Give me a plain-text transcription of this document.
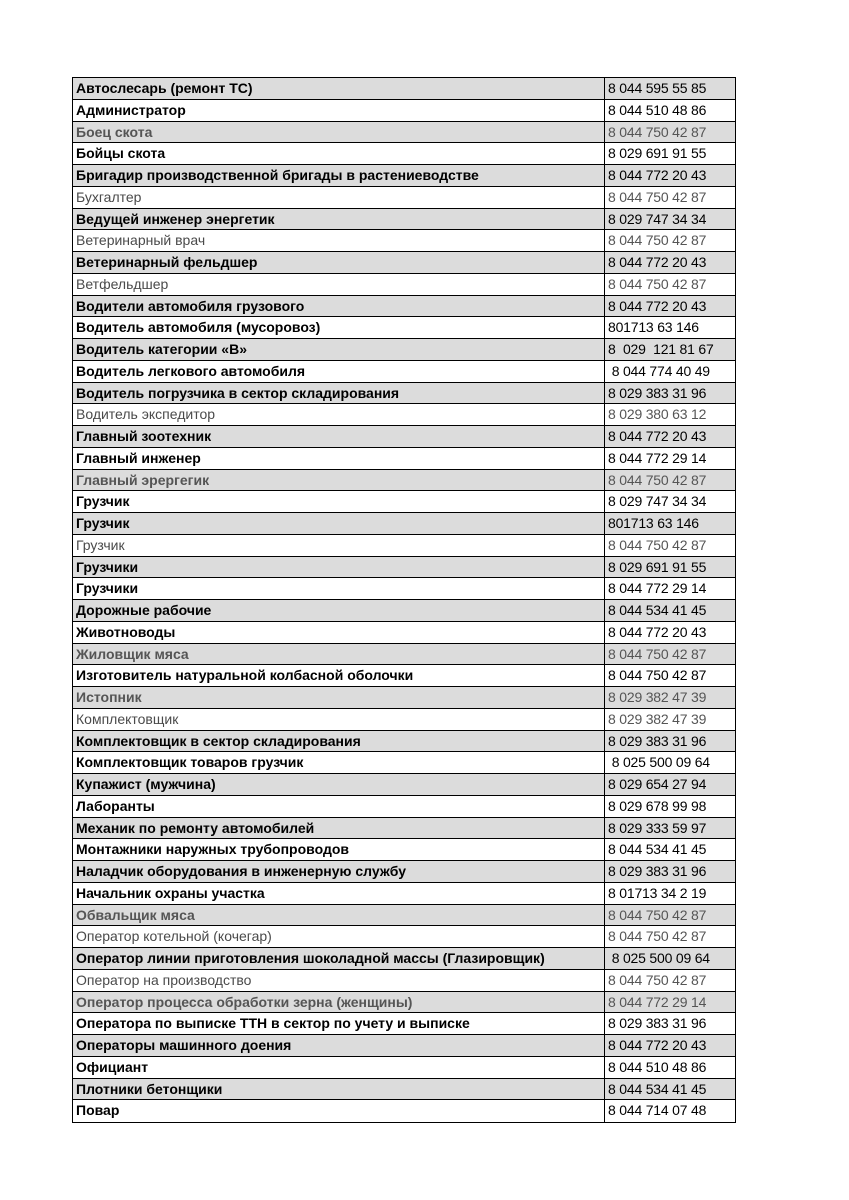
Автослесарь (ремонт ТС)	8 044 595 55 85
Администратор	8 044 510 48 86
Боец скота	8 044 750 42 87
Бойцы скота	8 029 691 91 55
Бригадир производственной бригады в растениеводстве	8 044 772 20 43
Бухгалтер	8 044 750 42 87
Ведущей инженер энергетик	8 029 747 34 34
Ветеринарный врач	8 044 750 42 87
Ветеринарный фельдшер	8 044 772 20 43
Ветфельдшер	8 044 750 42 87
Водители автомобиля грузового	8 044 772 20 43
Водитель автомобиля (мусоровоз)	801713 63 146
Водитель категории «В»	8  029  121 81 67
Водитель легкового автомобиля	8 044 774 40 49
Водитель погрузчика в сектор складирования	8 029 383 31 96
Водитель экспедитор	8 029 380 63 12
Главный зоотехник	8 044 772 20 43
Главный инженер	8 044 772 29 14
Главный эрергегик	8 044 750 42 87
Грузчик	8 029 747 34 34
Грузчик	801713 63 146
Грузчик	8 044 750 42 87
Грузчики	8 029 691 91 55
Грузчики	8 044 772 29 14
Дорожные рабочие	8 044 534 41 45
Животноводы	8 044 772 20 43
Жиловщик мяса	8 044 750 42 87
Изготовитель натуральной колбасной оболочки	8 044 750 42 87
Истопник	8 029 382 47 39
Комплектовщик	8 029 382 47 39
Комплектовщик в сектор складирования	8 029 383 31 96
Комплектовщик товаров грузчик	8 025 500 09 64
Купажист (мужчина)	8 029 654 27 94
Лаборанты	8 029 678 99 98
Механик по ремонту автомобилей	8 029 333 59 97
Монтажники наружных трубопроводов	8 044 534 41 45
Наладчик оборудования в инженерную службу	8 029 383 31 96
Начальник охраны участка	8 01713 34 2 19
Обвальщик мяса	8 044 750 42 87
Оператор котельной (кочегар)	8 044 750 42 87
Оператор линии приготовления шоколадной массы (Глазировщик)	8 025 500 09 64
Оператор на производство	8 044 750 42 87
Оператор процесса обработки зерна (женщины)	8 044 772 29 14
Оператора по выписке ТТН в сектор по учету и выписке	8 029 383 31 96
Операторы машинного доения	8 044 772 20 43
Официант	8 044 510 48 86
Плотники бетонщики	8 044 534 41 45
Повар	8 044 714 07 48
